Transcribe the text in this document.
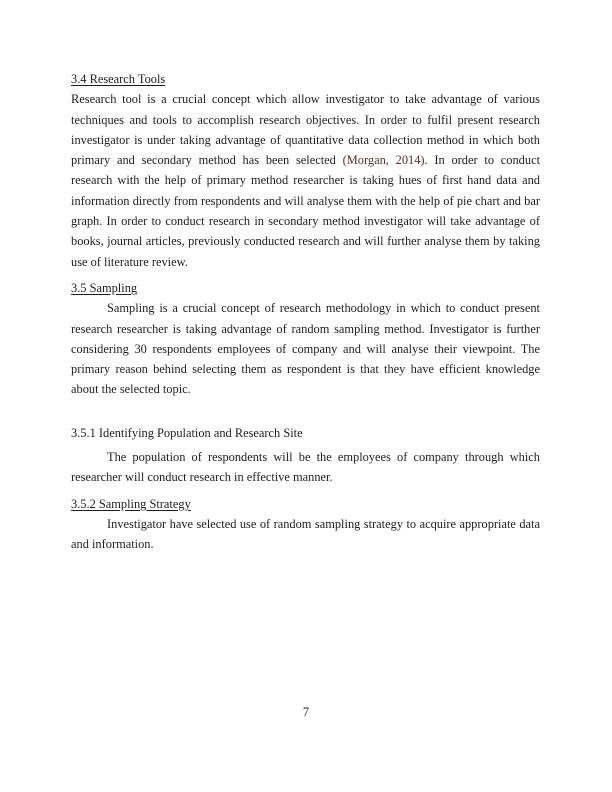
3.4 Research Tools

Research tool is a crucial concept which allow investigator to take advantage of various techniques and tools to accomplish research objectives. In order to fulfil present research investigator is under taking advantage of quantitative data collection method in which both primary and secondary method has been selected (Morgan, 2014). In order to conduct research with the help of primary method researcher is taking hues of first hand data and information directly from respondents and will analyse them with the help of pie chart and bar graph. In order to conduct research in secondary method investigator will take advantage of books, journal articles, previously conducted research and will further analyse them by taking use of literature review.

3.5 Sampling

Sampling is a crucial concept of research methodology in which to conduct present research researcher is taking advantage of random sampling method. Investigator is further considering 30 respondents employees of company and will analyse their viewpoint. The primary reason behind selecting them as respondent is that they have efficient knowledge about the selected topic.

3.5.1 Identifying Population and Research Site

The population of respondents will be the employees of company through which researcher will conduct research in effective manner.

3.5.2 Sampling Strategy

Investigator have selected use of random sampling strategy to acquire appropriate data and information.

7
